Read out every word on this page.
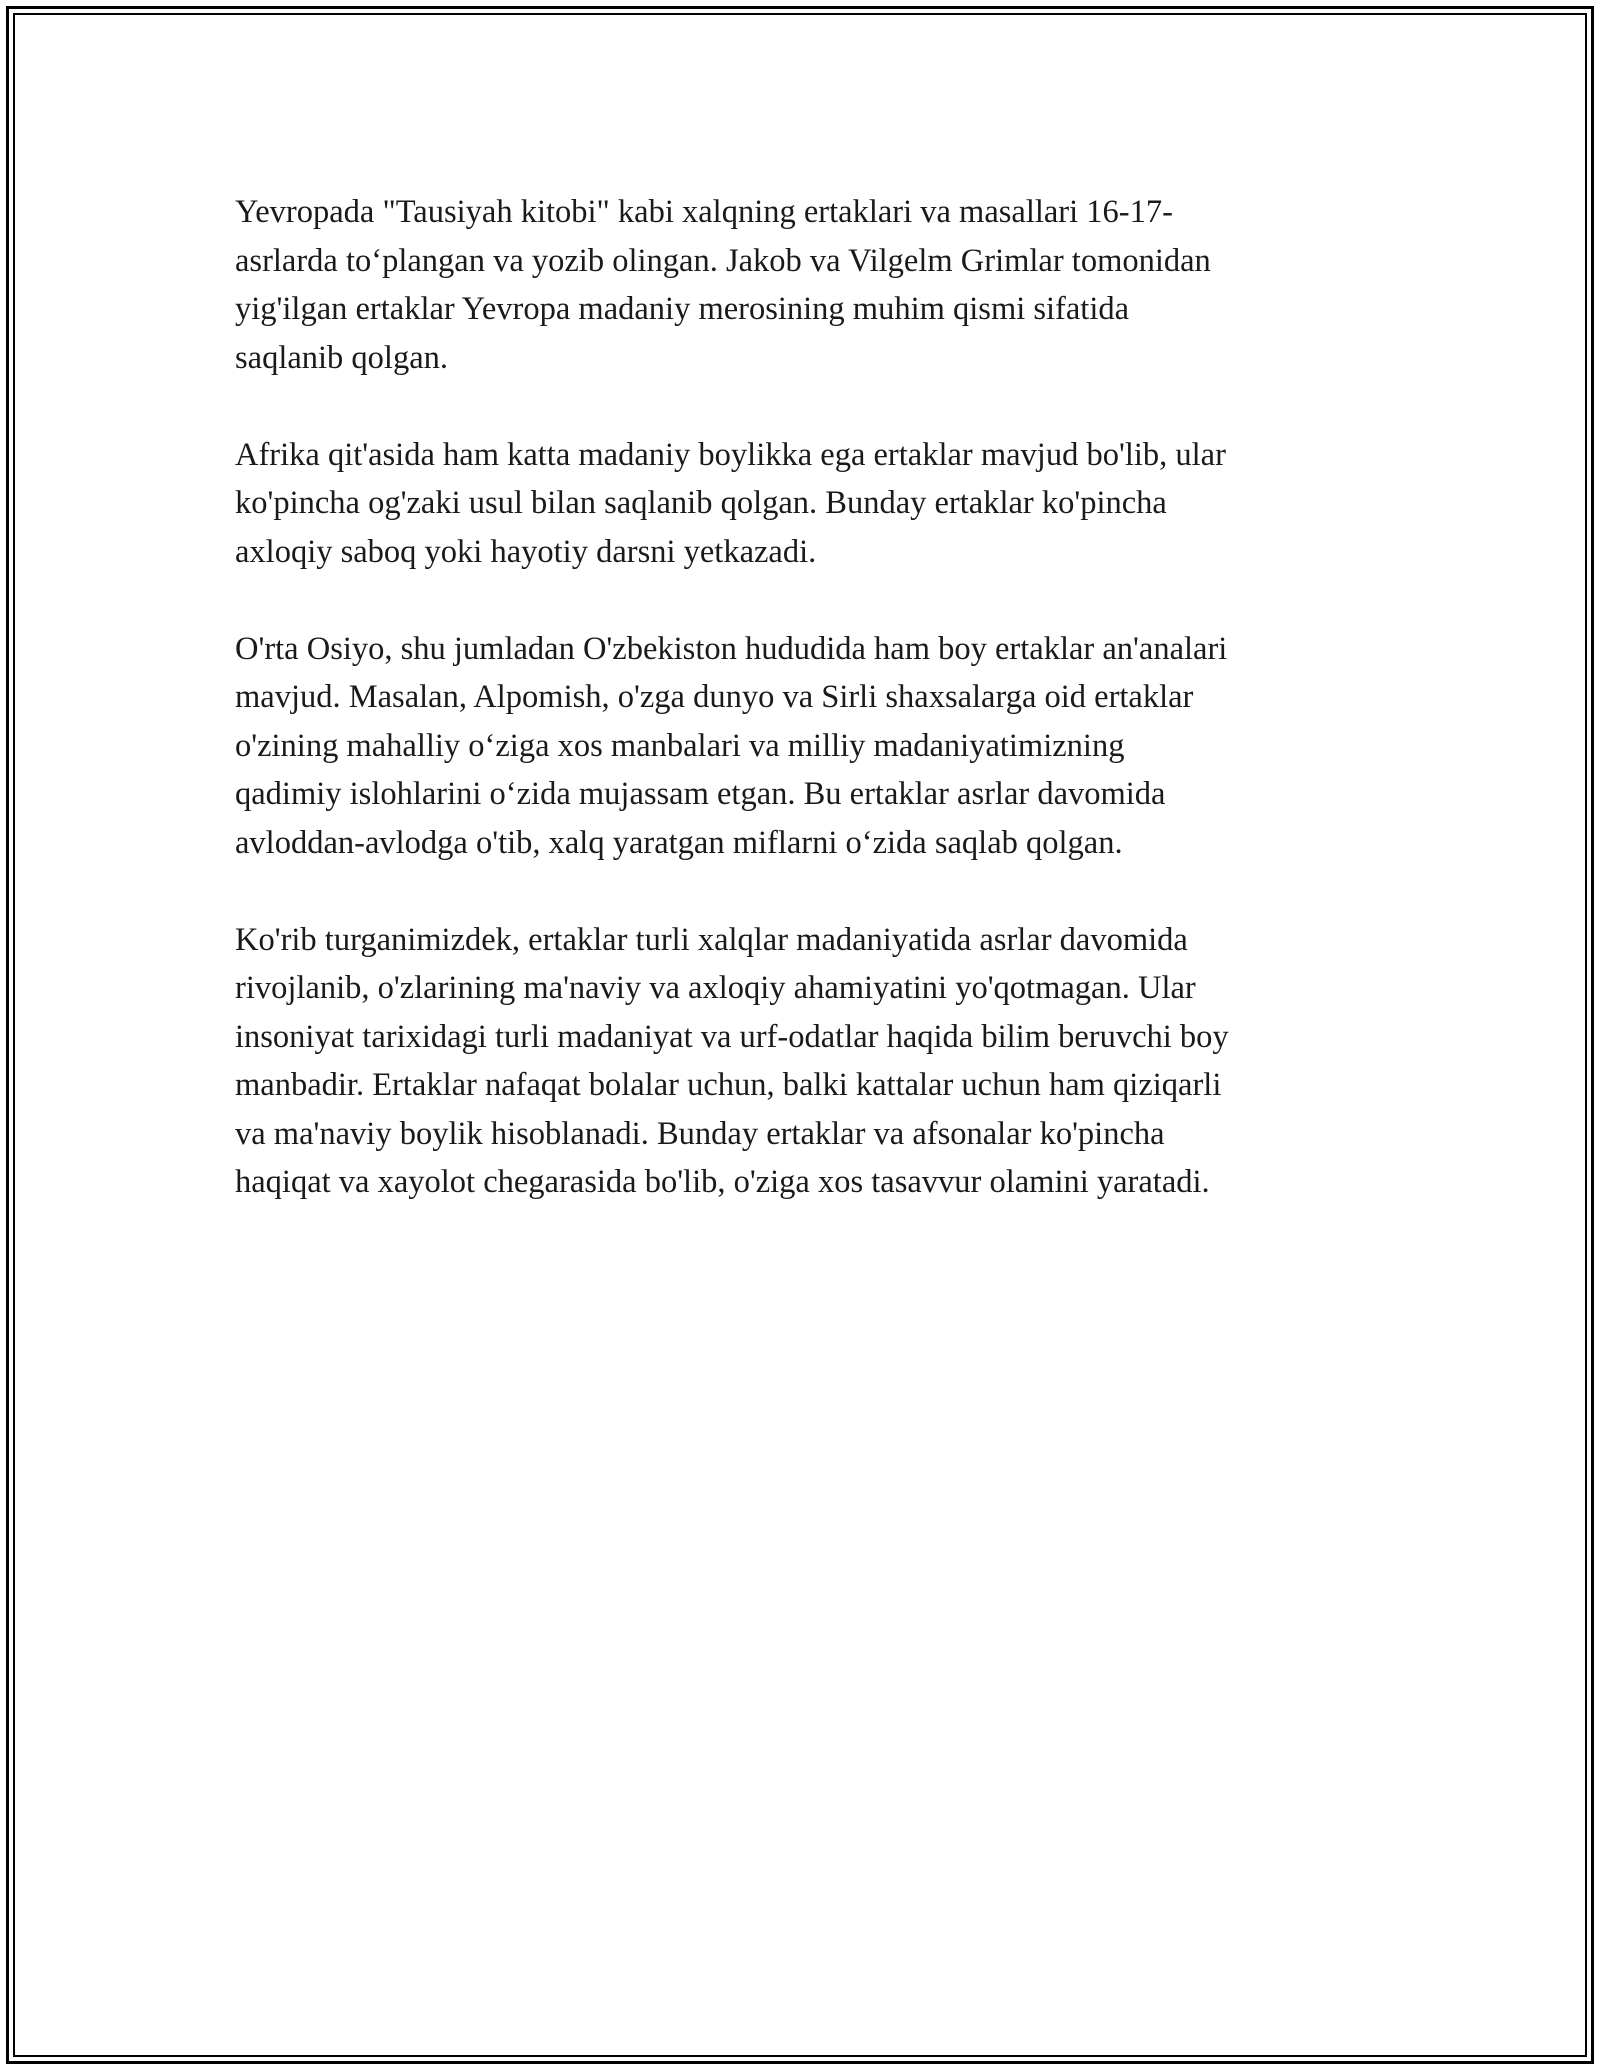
Yevropada "Tausiyah kitobi" kabi xalqning ertaklari va masallari 16-17-
asrlarda to‘plangan va yozib olingan. Jakob va Vilgelm Grimlar tomonidan
yig'ilgan ertaklar Yevropa madaniy merosining muhim qismi sifatida
saqlanib qolgan.

Afrika qit'asida ham katta madaniy boylikka ega ertaklar mavjud bo'lib, ular
ko'pincha og'zaki usul bilan saqlanib qolgan. Bunday ertaklar ko'pincha
axloqiy saboq yoki hayotiy darsni yetkazadi.

O'rta Osiyo, shu jumladan O'zbekiston hududida ham boy ertaklar an'analari
mavjud. Masalan, Alpomish, o'zga dunyo va Sirli shaxsalarga oid ertaklar
o'zining mahalliy o‘ziga xos manbalari va milliy madaniyatimizning
qadimiy islohlarini o‘zida mujassam etgan. Bu ertaklar asrlar davomida
avloddan-avlodga o'tib, xalq yaratgan miflarni o‘zida saqlab qolgan.

Ko'rib turganimizdek, ertaklar turli xalqlar madaniyatida asrlar davomida
rivojlanib, o'zlarining ma'naviy va axloqiy ahamiyatini yo'qotmagan. Ular
insoniyat tarixidagi turli madaniyat va urf-odatlar haqida bilim beruvchi boy
manbadir. Ertaklar nafaqat bolalar uchun, balki kattalar uchun ham qiziqarli
va ma'naviy boylik hisoblanadi. Bunday ertaklar va afsonalar ko'pincha
haqiqat va xayolot chegarasida bo'lib, o'ziga xos tasavvur olamini yaratadi.
